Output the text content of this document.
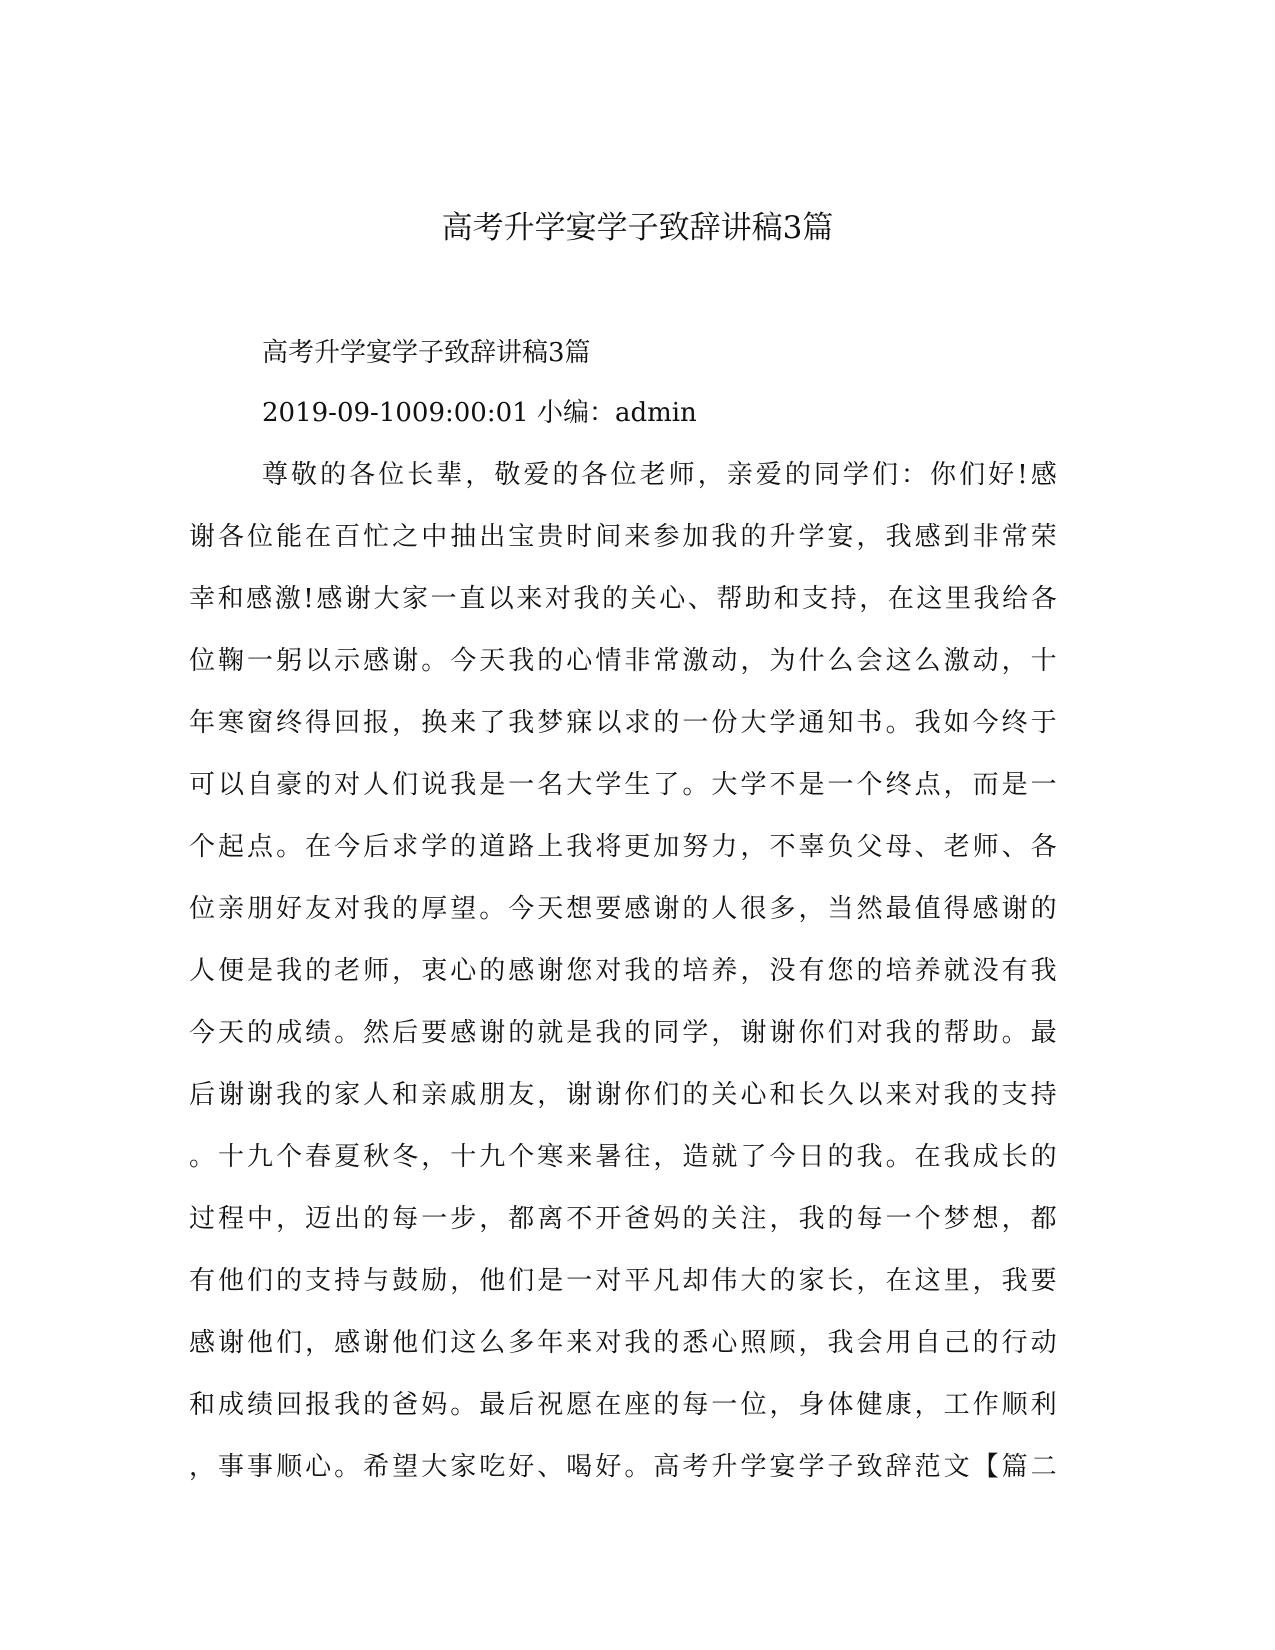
高考升学宴学子致辞讲稿3篇
高考升学宴学子致辞讲稿3篇
2019-09-1009:00:01 小编：admin
尊敬的各位长辈，敬爱的各位老师，亲爱的同学们：你们好!感
谢各位能在百忙之中抽出宝贵时间来参加我的升学宴，我感到非常荣
幸和感激!感谢大家一直以来对我的关心、帮助和支持，在这里我给各
位鞠一躬以示感谢。今天我的心情非常激动，为什么会这么激动，十
年寒窗终得回报，换来了我梦寐以求的一份大学通知书。我如今终于
可以自豪的对人们说我是一名大学生了。大学不是一个终点，而是一
个起点。在今后求学的道路上我将更加努力，不辜负父母、老师、各
位亲朋好友对我的厚望。今天想要感谢的人很多，当然最值得感谢的
人便是我的老师，衷心的感谢您对我的培养，没有您的培养就没有我
今天的成绩。然后要感谢的就是我的同学，谢谢你们对我的帮助。最
后谢谢我的家人和亲戚朋友，谢谢你们的关心和长久以来对我的支持
。十九个春夏秋冬，十九个寒来暑往，造就了今日的我。在我成长的
过程中，迈出的每一步，都离不开爸妈的关注，我的每一个梦想，都
有他们的支持与鼓励，他们是一对平凡却伟大的家长，在这里，我要
感谢他们，感谢他们这么多年来对我的悉心照顾，我会用自己的行动
和成绩回报我的爸妈。最后祝愿在座的每一位，身体健康，工作顺利
，事事顺心。希望大家吃好、喝好。高考升学宴学子致辞范文【篇二
